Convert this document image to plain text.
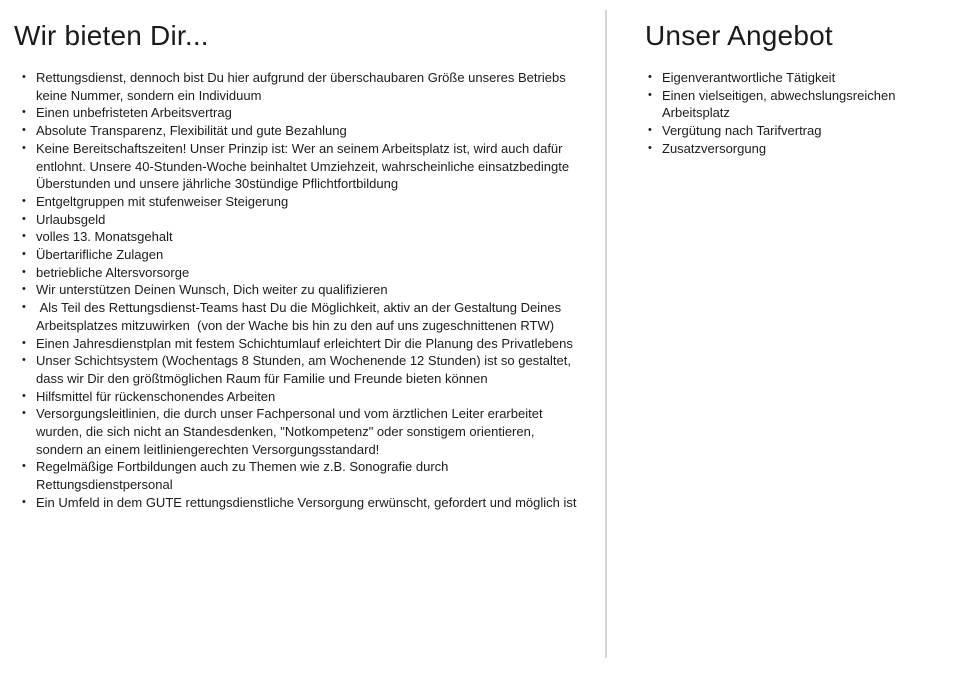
Wir bieten Dir...
• Rettungsdienst, dennoch bist Du hier aufgrund der überschaubaren Größe unseres Betriebs keine Nummer, sondern ein Individuum
• Einen unbefristeten Arbeitsvertrag
• Absolute Transparenz, Flexibilität und gute Bezahlung
• Keine Bereitschaftszeiten! Unser Prinzip ist: Wer an seinem Arbeitsplatz ist, wird auch dafür entlohnt. Unsere 40-Stunden-Woche beinhaltet Umziehzeit, wahrscheinliche einsatzbedingte Überstunden und unsere jährliche 30stündige Pflichtfortbildung
• Entgeltgruppen mit stufenweiser Steigerung
• Urlaubsgeld
• volles 13. Monatsgehalt
• Übertarifliche Zulagen
• betriebliche Altersvorsorge
• Wir unterstützen Deinen Wunsch, Dich weiter zu qualifizieren
• Als Teil des Rettungsdienst-Teams hast Du die Möglichkeit, aktiv an der Gestaltung Deines Arbeitsplatzes mitzuwirken  (von der Wache bis hin zu den auf uns zugeschnittenen RTW)
• Einen Jahresdienstplan mit festem Schichtumlauf erleichtert Dir die Planung des Privatlebens
• Unser Schichtsystem (Wochentags 8 Stunden, am Wochenende 12 Stunden) ist so gestaltet, dass wir Dir den größtmöglichen Raum für Familie und Freunde bieten können
• Hilfsmittel für rückenschonendes Arbeiten
• Versorgungsleitlinien, die durch unser Fachpersonal und vom ärztlichen Leiter erarbeitet wurden, die sich nicht an Standesdenken, "Notkompetenz" oder sonstigem orientieren, sondern an einem leitliniengerechten Versorgungsstandard!
• Regelmäßige Fortbildungen auch zu Themen wie z.B. Sonografie durch Rettungsdienstpersonal
• Ein Umfeld in dem GUTE rettungsdienstliche Versorgung erwünscht, gefordert und möglich ist
Unser Angebot
• Eigenverantwortliche Tätigkeit
• Einen vielseitigen, abwechslungsreichen Arbeitsplatz
• Vergütung nach Tarifvertrag
• Zusatzversorgung
